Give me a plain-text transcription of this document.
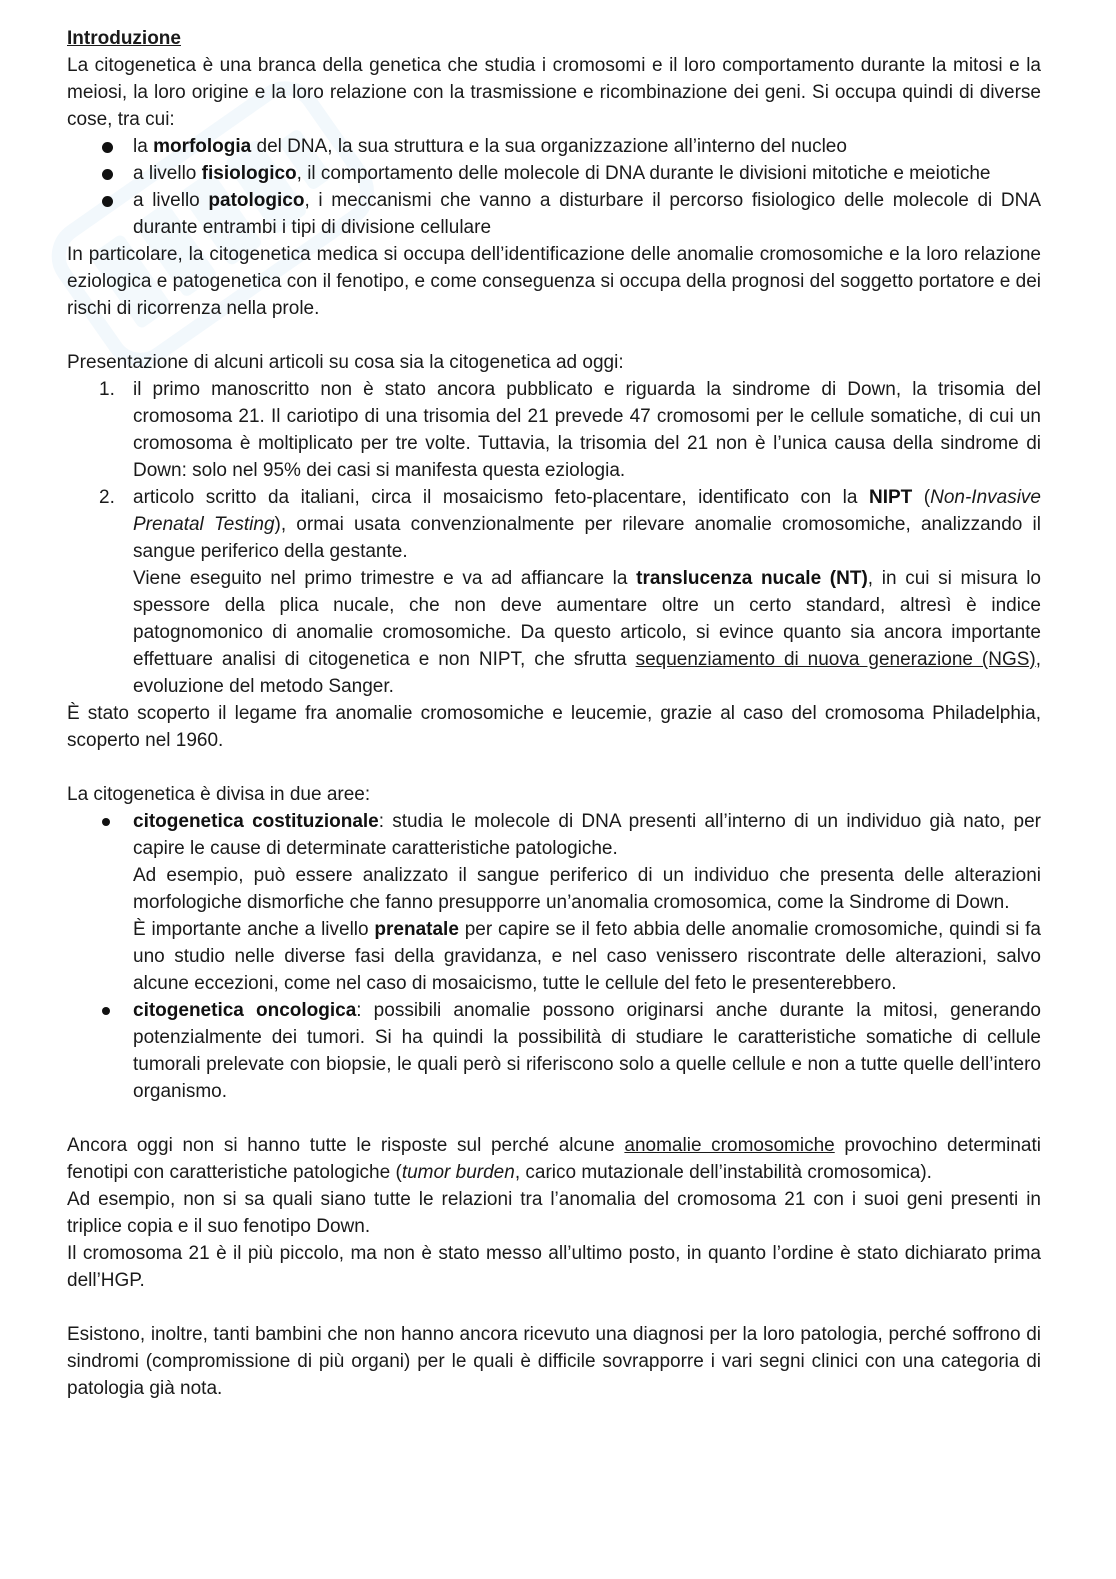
Introduzione

La citogenetica è una branca della genetica che studia i cromosomi e il loro comportamento durante la mitosi e la meiosi, la loro origine e la loro relazione con la trasmissione e ricombinazione dei geni. Si occupa quindi di diverse cose, tra cui:

la morfologia del DNA, la sua struttura e la sua organizzazione all’interno del nucleo
a livello fisiologico, il comportamento delle molecole di DNA durante le divisioni mitotiche e meiotiche
a livello patologico, i meccanismi che vanno a disturbare il percorso fisiologico delle molecole di DNA durante entrambi i tipi di divisione cellulare

In particolare, la citogenetica medica si occupa dell’identificazione delle anomalie cromosomiche e la loro relazione eziologica e patogenetica con il fenotipo, e come conseguenza si occupa della prognosi del soggetto portatore e dei rischi di ricorrenza nella prole.

Presentazione di alcuni articoli su cosa sia la citogenetica ad oggi:

1. il primo manoscritto non è stato ancora pubblicato e riguarda la sindrome di Down, la trisomia del cromosoma 21. Il cariotipo di una trisomia del 21 prevede 47 cromosomi per le cellule somatiche, di cui un cromosoma è moltiplicato per tre volte. Tuttavia, la trisomia del 21 non è l’unica causa della sindrome di Down: solo nel 95% dei casi si manifesta questa eziologia.
2. articolo scritto da italiani, circa il mosaicismo feto-placentare, identificato con la NIPT (Non-Invasive Prenatal Testing), ormai usata convenzionalmente per rilevare anomalie cromosomiche, analizzando il sangue periferico della gestante.

Viene eseguito nel primo trimestre e va ad affiancare la translucenza nucale (NT), in cui si misura lo spessore della plica nucale, che non deve aumentare oltre un certo standard, altresì è indice patognomonico di anomalie cromosomiche. Da questo articolo, si evince quanto sia ancora importante effettuare analisi di citogenetica e non NIPT, che sfrutta sequenziamento di nuova generazione (NGS), evoluzione del metodo Sanger.

È stato scoperto il legame fra anomalie cromosomiche e leucemie, grazie al caso del cromosoma Philadelphia, scoperto nel 1960.

La citogenetica è divisa in due aree:

citogenetica costituzionale: studia le molecole di DNA presenti all’interno di un individuo già nato, per capire le cause di determinate caratteristiche patologiche.

Ad esempio, può essere analizzato il sangue periferico di un individuo che presenta delle alterazioni morfologiche dismorfiche che fanno presupporre un’anomalia cromosomica, come la Sindrome di Down.

È importante anche a livello prenatale per capire se il feto abbia delle anomalie cromosomiche, quindi si fa uno studio nelle diverse fasi della gravidanza, e nel caso venissero riscontrate delle alterazioni, salvo alcune eccezioni, come nel caso di mosaicismo, tutte le cellule del feto le presenterebbero.

citogenetica oncologica: possibili anomalie possono originarsi anche durante la mitosi, generando potenzialmente dei tumori. Si ha quindi la possibilità di studiare le caratteristiche somatiche di cellule tumorali prelevate con biopsie, le quali però si riferiscono solo a quelle cellule e non a tutte quelle dell’intero organismo.

Ancora oggi non si hanno tutte le risposte sul perché alcune anomalie cromosomiche provochino determinati fenotipi con caratteristiche patologiche (tumor burden, carico mutazionale dell’instabilità cromosomica).

Ad esempio, non si sa quali siano tutte le relazioni tra l’anomalia del cromosoma 21 con i suoi geni presenti in triplice copia e il suo fenotipo Down.

Il cromosoma 21 è il più piccolo, ma non è stato messo all’ultimo posto, in quanto l’ordine è stato dichiarato prima dell’HGP.

Esistono, inoltre, tanti bambini che non hanno ancora ricevuto una diagnosi per la loro patologia, perché soffrono di sindromi (compromissione di più organi) per le quali è difficile sovrapporre i vari segni clinici con una categoria di patologia già nota.
